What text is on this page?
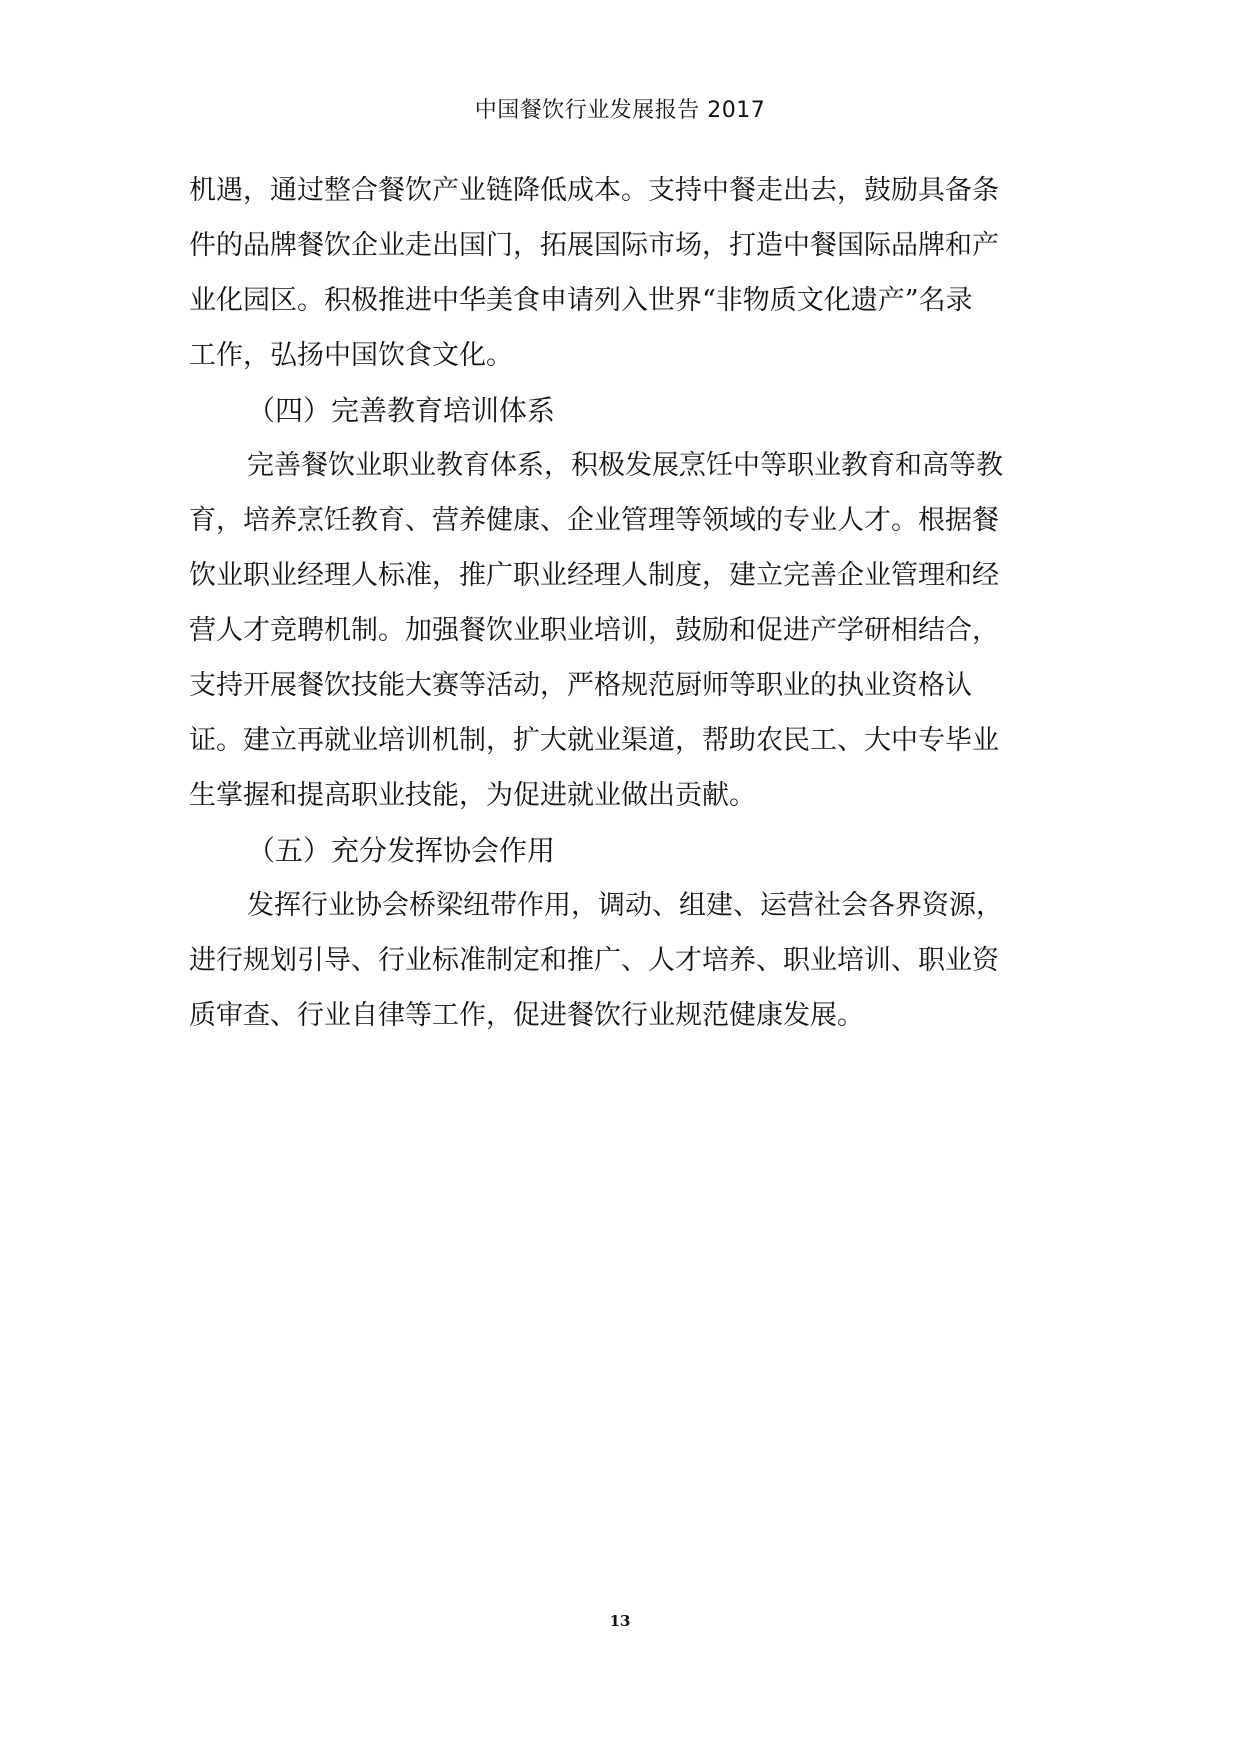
中国餐饮行业发展报告 2017
机遇，通过整合餐饮产业链降低成本。支持中餐走出去，鼓励具备条
件的品牌餐饮企业走出国门，拓展国际市场，打造中餐国际品牌和产
业化园区。积极推进中华美食申请列入世界“非物质文化遗产”名录
工作，弘扬中国饮食文化。
（四）完善教育培训体系
完善餐饮业职业教育体系，积极发展烹饪中等职业教育和高等教
育，培养烹饪教育、营养健康、企业管理等领域的专业人才。根据餐
饮业职业经理人标准，推广职业经理人制度，建立完善企业管理和经
营人才竞聘机制。加强餐饮业职业培训，鼓励和促进产学研相结合，
支持开展餐饮技能大赛等活动，严格规范厨师等职业的执业资格认
证。建立再就业培训机制，扩大就业渠道，帮助农民工、大中专毕业
生掌握和提高职业技能，为促进就业做出贡献。
（五）充分发挥协会作用
发挥行业协会桥梁纽带作用，调动、组建、运营社会各界资源，
进行规划引导、行业标准制定和推广、人才培养、职业培训、职业资
质审查、行业自律等工作，促进餐饮行业规范健康发展。
13
